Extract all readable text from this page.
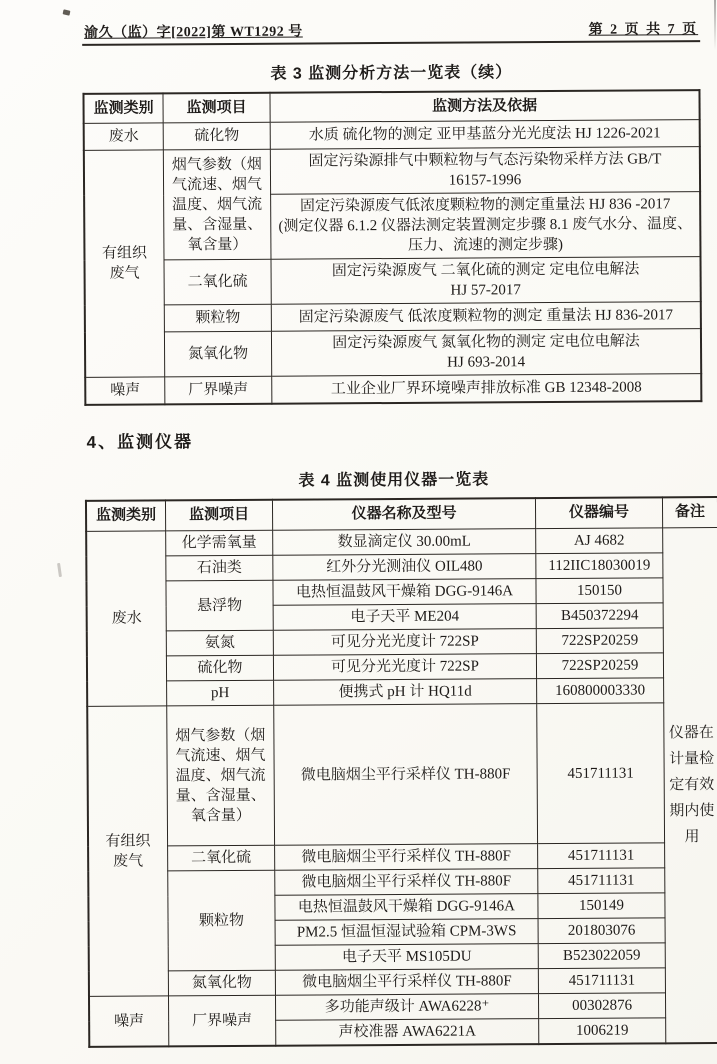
渝久（监）字[2022]第 WT1292 号	第 2 页 共 7 页
表 3 监测分析方法一览表（续）
监测类别	监测项目	监测方法及依据
废水	硫化物	水质 硫化物的测定 亚甲基蓝分光光度法 HJ 1226-2021
有组织废气	烟气参数（烟气流速、烟气温度、烟气流量、含湿量、氧含量）	固定污染源排气中颗粒物与气态污染物采样方法 GB/T
16157-1996
		固定污染源废气低浓度颗粒物的测定重量法 HJ 836 -2017
(测定仪器 6.1.2 仪器法测定装置测定步骤 8.1 废气水分、温度、
压力、流速的测定步骤)
	二氧化硫	固定污染源废气 二氧化硫的测定 定电位电解法
HJ 57-2017
	颗粒物	固定污染源废气 低浓度颗粒物的测定 重量法 HJ 836-2017
	氮氧化物	固定污染源废气 氮氧化物的测定 定电位电解法
HJ 693-2014
噪声	厂界噪声	工业企业厂界环境噪声排放标准 GB 12348-2008
4、监测仪器
表 4 监测使用仪器一览表
监测类别	监测项目	仪器名称及型号	仪器编号	备注
废水	化学需氧量	数显滴定仪 30.00mL	AJ 4682	仪器在计量检定有效期内使用
	石油类	红外分光测油仪 OIL480	112IIC18030019	
	悬浮物	电热恒温鼓风干燥箱 DGG-9146A	150150	
		电子天平 ME204	B450372294	
	氨氮	可见分光光度计 722SP	722SP20259	
	硫化物	可见分光光度计 722SP	722SP20259	
	pH	便携式 pH 计 HQ11d	160800003330	
有组织废气	烟气参数（烟气流速、烟气温度、烟气流量、含湿量、氧含量）	微电脑烟尘平行采样仪 TH-880F	451711131	
	二氧化硫	微电脑烟尘平行采样仪 TH-880F	451711131	
	颗粒物	微电脑烟尘平行采样仪 TH-880F	451711131	
		电热恒温鼓风干燥箱 DGG-9146A	150149	
		PM2.5 恒温恒湿试验箱 CPM-3WS	201803076	
		电子天平 MS105DU	B523022059	
	氮氧化物	微电脑烟尘平行采样仪 TH-880F	451711131	
噪声	厂界噪声	多功能声级计 AWA6228⁺	00302876	
		声校准器 AWA6221A	1006219	
